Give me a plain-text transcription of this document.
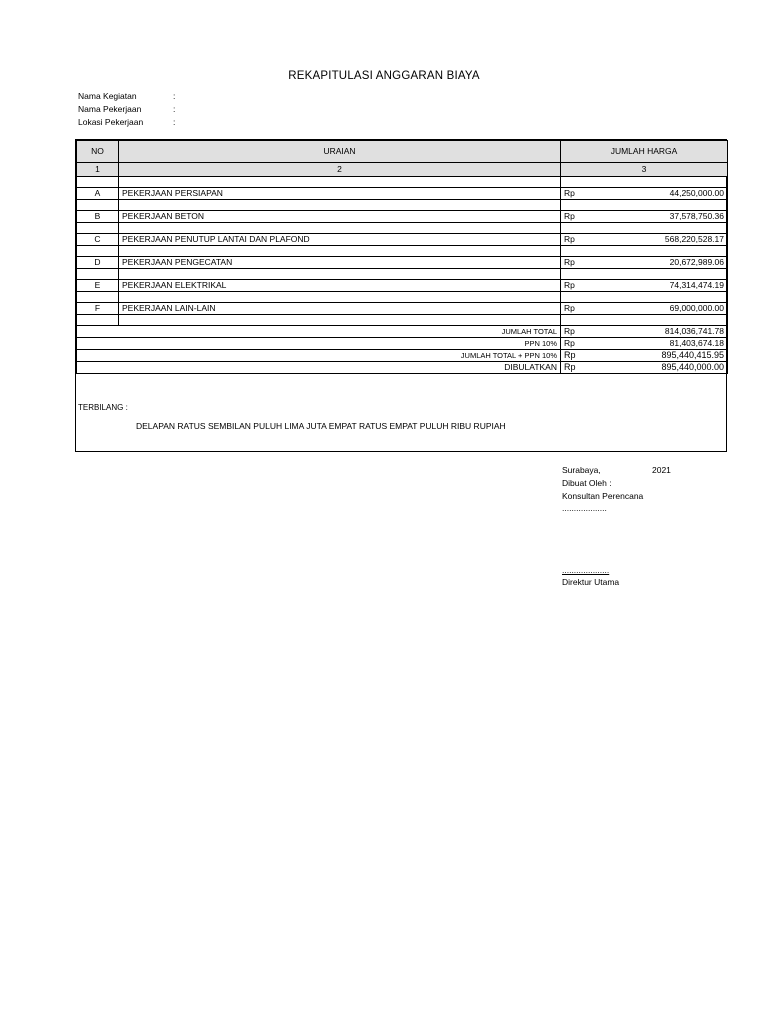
REKAPITULASI ANGGARAN BIAYA
Nama Kegiatan	:
Nama Pekerjaan	:
Lokasi Pekerjaan	:
NO	URAIAN	JUMLAH HARGA	
1	2	3	

A	PEKERJAAN PERSIAPAN	Rp	44,250,000.00

B	PEKERJAAN BETON	Rp	37,578,750.36

C	PEKERJAAN PENUTUP LANTAI DAN PLAFOND	Rp	568,220,528.17

D	PEKERJAAN PENGECATAN	Rp	20,672,989.06

E	PEKERJAAN ELEKTRIKAL	Rp	74,314,474.19

F	PEKERJAAN LAIN-LAIN	Rp	69,000,000.00

JUMLAH TOTAL		Rp	814,036,741.78
PPN 10%		Rp	81,403,674.18
JUMLAH TOTAL + PPN 10%		Rp	895,440,415.95
DIBULATKAN		Rp	895,440,000.00
TERBILANG :
DELAPAN RATUS SEMBILAN PULUH LIMA JUTA EMPAT RATUS EMPAT PULUH RIBU RUPIAH
Surabaya,	2021
Dibuat Oleh :
Konsultan Perencana
...................
....................
Direktur Utama
